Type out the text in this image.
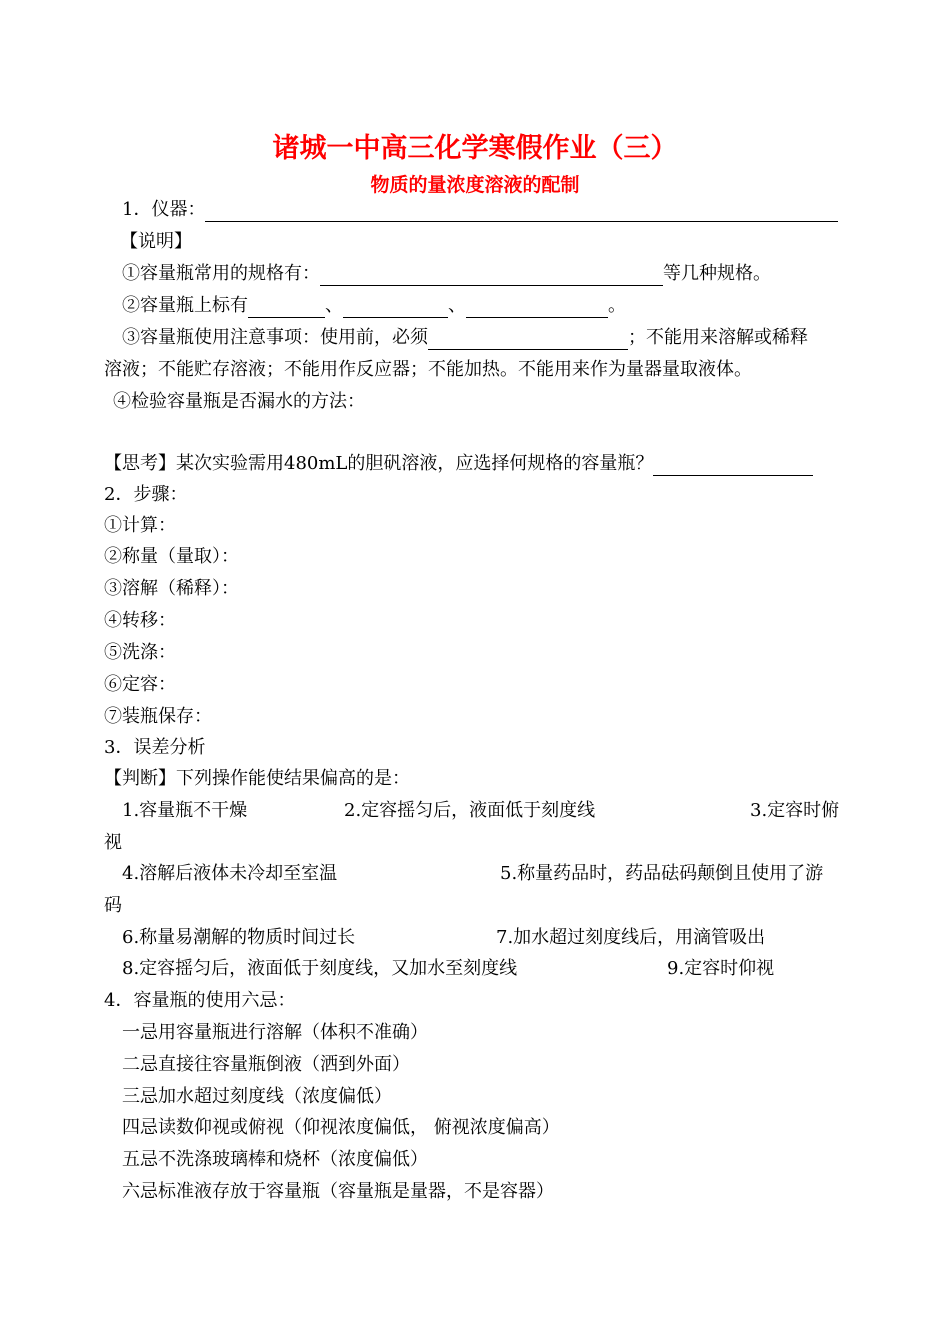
诸城一中高三化学寒假作业（三）
物质的量浓度溶液的配制
1．仪器：
【说明】
①容量瓶常用的规格有：	等几种规格。
②容量瓶上标有	、	、	。
③容量瓶使用注意事项：使用前，必须	；不能用来溶解或稀释
溶液；不能贮存溶液；不能用作反应器；不能加热。不能用来作为量器量取液体。
④检验容量瓶是否漏水的方法：
【思考】某次实验需用480mL的胆矾溶液，应选择何规格的容量瓶？
2．步骤：
①计算：
②称量（量取）：
③溶解（稀释）：
④转移：
⑤洗涤：
⑥定容：
⑦装瓶保存：
3．误差分析
【判断】下列操作能使结果偏高的是：
1.容量瓶不干燥	2.定容摇匀后，液面低于刻度线	3.定容时俯
视
4.溶解后液体未冷却至室温	5.称量药品时，药品砝码颠倒且使用了游
码
6.称量易潮解的物质时间过长	7.加水超过刻度线后，用滴管吸出
8.定容摇匀后，液面低于刻度线，又加水至刻度线	9.定容时仰视
4．容量瓶的使用六忌：
一忌用容量瓶进行溶解（体积不准确）
二忌直接往容量瓶倒液（洒到外面）
三忌加水超过刻度线（浓度偏低）
四忌读数仰视或俯视（仰视浓度偏低， 俯视浓度偏高）
五忌不洗涤玻璃棒和烧杯（浓度偏低）
六忌标准液存放于容量瓶（容量瓶是量器，不是容器）
